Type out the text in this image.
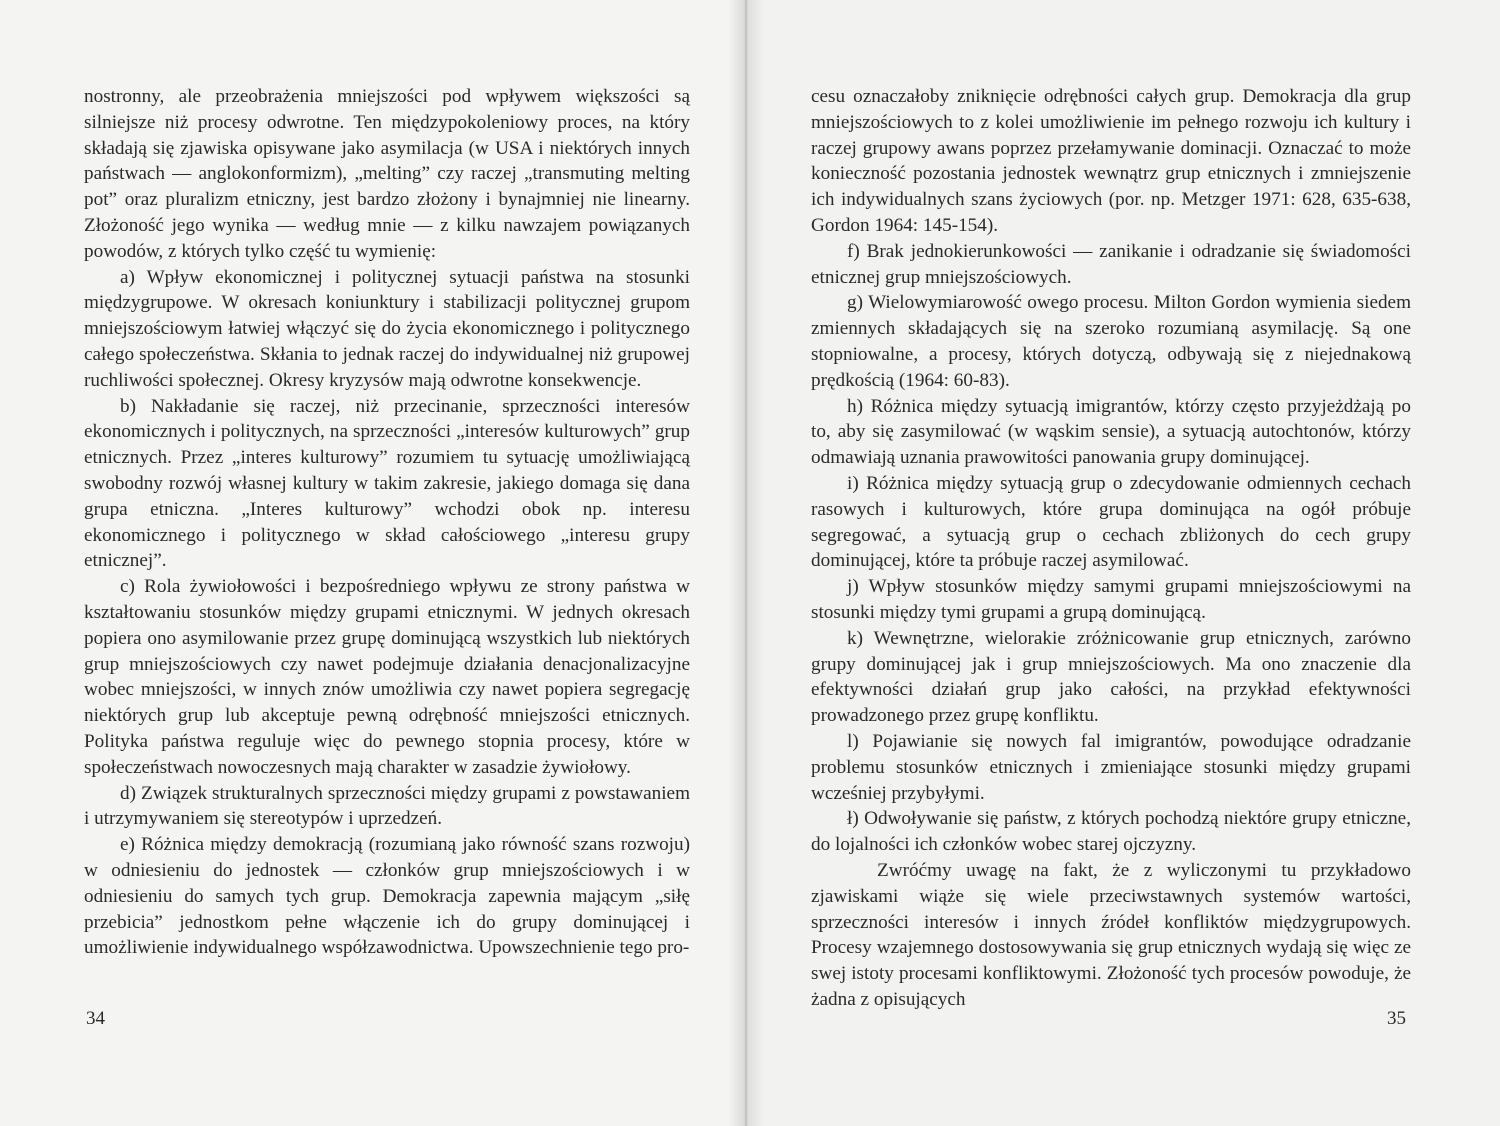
nostronny, ale przeobrażenia mniejszości pod wpływem większości są silniejsze niż procesy odwrotne. Ten międzypokoleniowy proces, na który składają się zjawiska opisywane jako asymilacja (w USA i niektórych innych państwach — anglokonformizm), „melting” czy raczej „transmuting melting pot” oraz pluralizm etniczny, jest bardzo złożony i bynajmniej nie linearny. Złożoność jego wynika — według mnie — z kilku nawzajem powiązanych powodów, z których tylko część tu wymienię:

a) Wpływ ekonomicznej i politycznej sytuacji państwa na stosunki międzygrupowe. W okresach koniunktury i stabilizacji politycznej grupom mniejszościowym łatwiej włączyć się do życia ekonomicznego i politycznego całego społeczeństwa. Skłania to jednak raczej do indywidualnej niż grupowej ruchliwości społecznej. Okresy kryzysów mają odwrotne konsekwencje.

b) Nakładanie się raczej, niż przecinanie, sprzeczności interesów ekonomicznych i politycznych, na sprzeczności „interesów kulturowych” grup etnicznych. Przez „interes kulturowy” rozumiem tu sytuację umożliwiającą swobodny rozwój własnej kultury w takim zakresie, jakiego domaga się dana grupa etniczna. „Interes kulturowy” wchodzi obok np. interesu ekonomicznego i politycznego w skład całościowego „interesu grupy etnicznej”.

c) Rola żywiołowości i bezpośredniego wpływu ze strony państwa w kształtowaniu stosunków między grupami etnicznymi. W jednych okresach popiera ono asymilowanie przez grupę dominującą wszystkich lub niektórych grup mniejszościowych czy nawet podejmuje działania denacjonalizacyjne wobec mniejszości, w innych znów umożliwia czy nawet popiera segregację niektórych grup lub akceptuje pewną odrębność mniejszości etnicznych. Polityka państwa reguluje więc do pewnego stopnia procesy, które w społeczeństwach nowoczesnych mają charakter w zasadzie żywiołowy.

d) Związek strukturalnych sprzeczności między grupami z powstawaniem i utrzymywaniem się stereotypów i uprzedzeń.

e) Różnica między demokracją (rozumianą jako równość szans rozwoju) w odniesieniu do jednostek — członków grup mniejszościowych i w odniesieniu do samych tych grup. Demokracja zapewnia mającym „siłę przebicia” jednostkom pełne włączenie ich do grupy dominującej i umożliwienie indywidualnego współzawodnictwa. Upowszechnienie tego pro-

34

cesu oznaczałoby zniknięcie odrębności całych grup. Demokracja dla grup mniejszościowych to z kolei umożliwienie im pełnego rozwoju ich kultury i raczej grupowy awans poprzez przełamywanie dominacji. Oznaczać to może konieczność pozostania jednostek wewnątrz grup etnicznych i zmniejszenie ich indywidualnych szans życiowych (por. np. Metzger 1971: 628, 635-638, Gordon 1964: 145-154).

f) Brak jednokierunkowości — zanikanie i odradzanie się świadomości etnicznej grup mniejszościowych.

g) Wielowymiarowość owego procesu. Milton Gordon wymienia siedem zmiennych składających się na szeroko rozumianą asymilację. Są one stopniowalne, a procesy, których dotyczą, odbywają się z niejednakową prędkością (1964: 60-83).

h) Różnica między sytuacją imigrantów, którzy często przyjeżdżają po to, aby się zasymilować (w wąskim sensie), a sytuacją autochtonów, którzy odmawiają uznania prawowitości panowania grupy dominującej.

i) Różnica między sytuacją grup o zdecydowanie odmiennych cechach rasowych i kulturowych, które grupa dominująca na ogół próbuje segregować, a sytuacją grup o cechach zbliżonych do cech grupy dominującej, które ta próbuje raczej asymilować.

j) Wpływ stosunków między samymi grupami mniejszościowymi na stosunki między tymi grupami a grupą dominującą.

k) Wewnętrzne, wielorakie zróżnicowanie grup etnicznych, zarówno grupy dominującej jak i grup mniejszościowych. Ma ono znaczenie dla efektywności działań grup jako całości, na przykład efektywności prowadzonego przez grupę konfliktu.

l) Pojawianie się nowych fal imigrantów, powodujące odradzanie problemu stosunków etnicznych i zmieniające stosunki między grupami wcześniej przybyłymi.

ł) Odwoływanie się państw, z których pochodzą niektóre grupy etniczne, do lojalności ich członków wobec starej ojczyzny.

Zwróćmy uwagę na fakt, że z wyliczonymi tu przykładowo zjawiskami wiąże się wiele przeciwstawnych systemów wartości, sprzeczności interesów i innych źródeł konfliktów międzygrupowych. Procesy wzajemnego dostosowywania się grup etnicznych wydają się więc ze swej istoty procesami konfliktowymi. Złożoność tych procesów powoduje, że żadna z opisujących

35
